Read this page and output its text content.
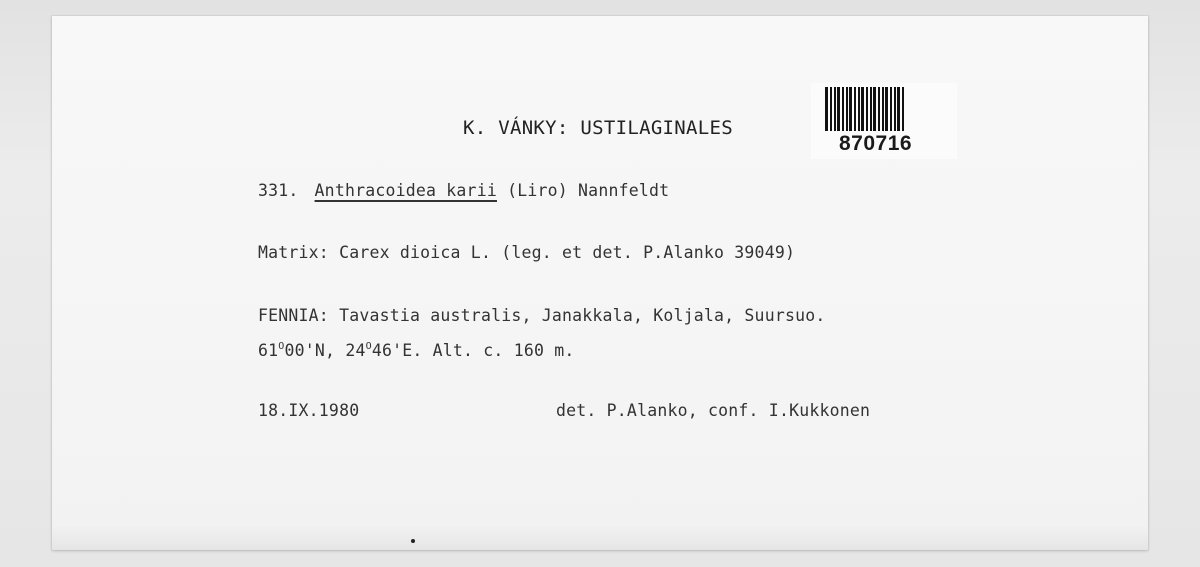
K. VÁNKY: USTILAGINALES
870716
331. Anthracoidea karii (Liro) Nannfeldt
Matrix: Carex dioica L. (leg. et det. P.Alanko 39049)
FENNIA: Tavastia australis, Janakkala, Koljala, Suursuo.
$61^O00'N$, $24^O46'E$. Alt. c. 160 m.
18.IX.1980	det. P.Alanko, conf. I.Kukkonen
